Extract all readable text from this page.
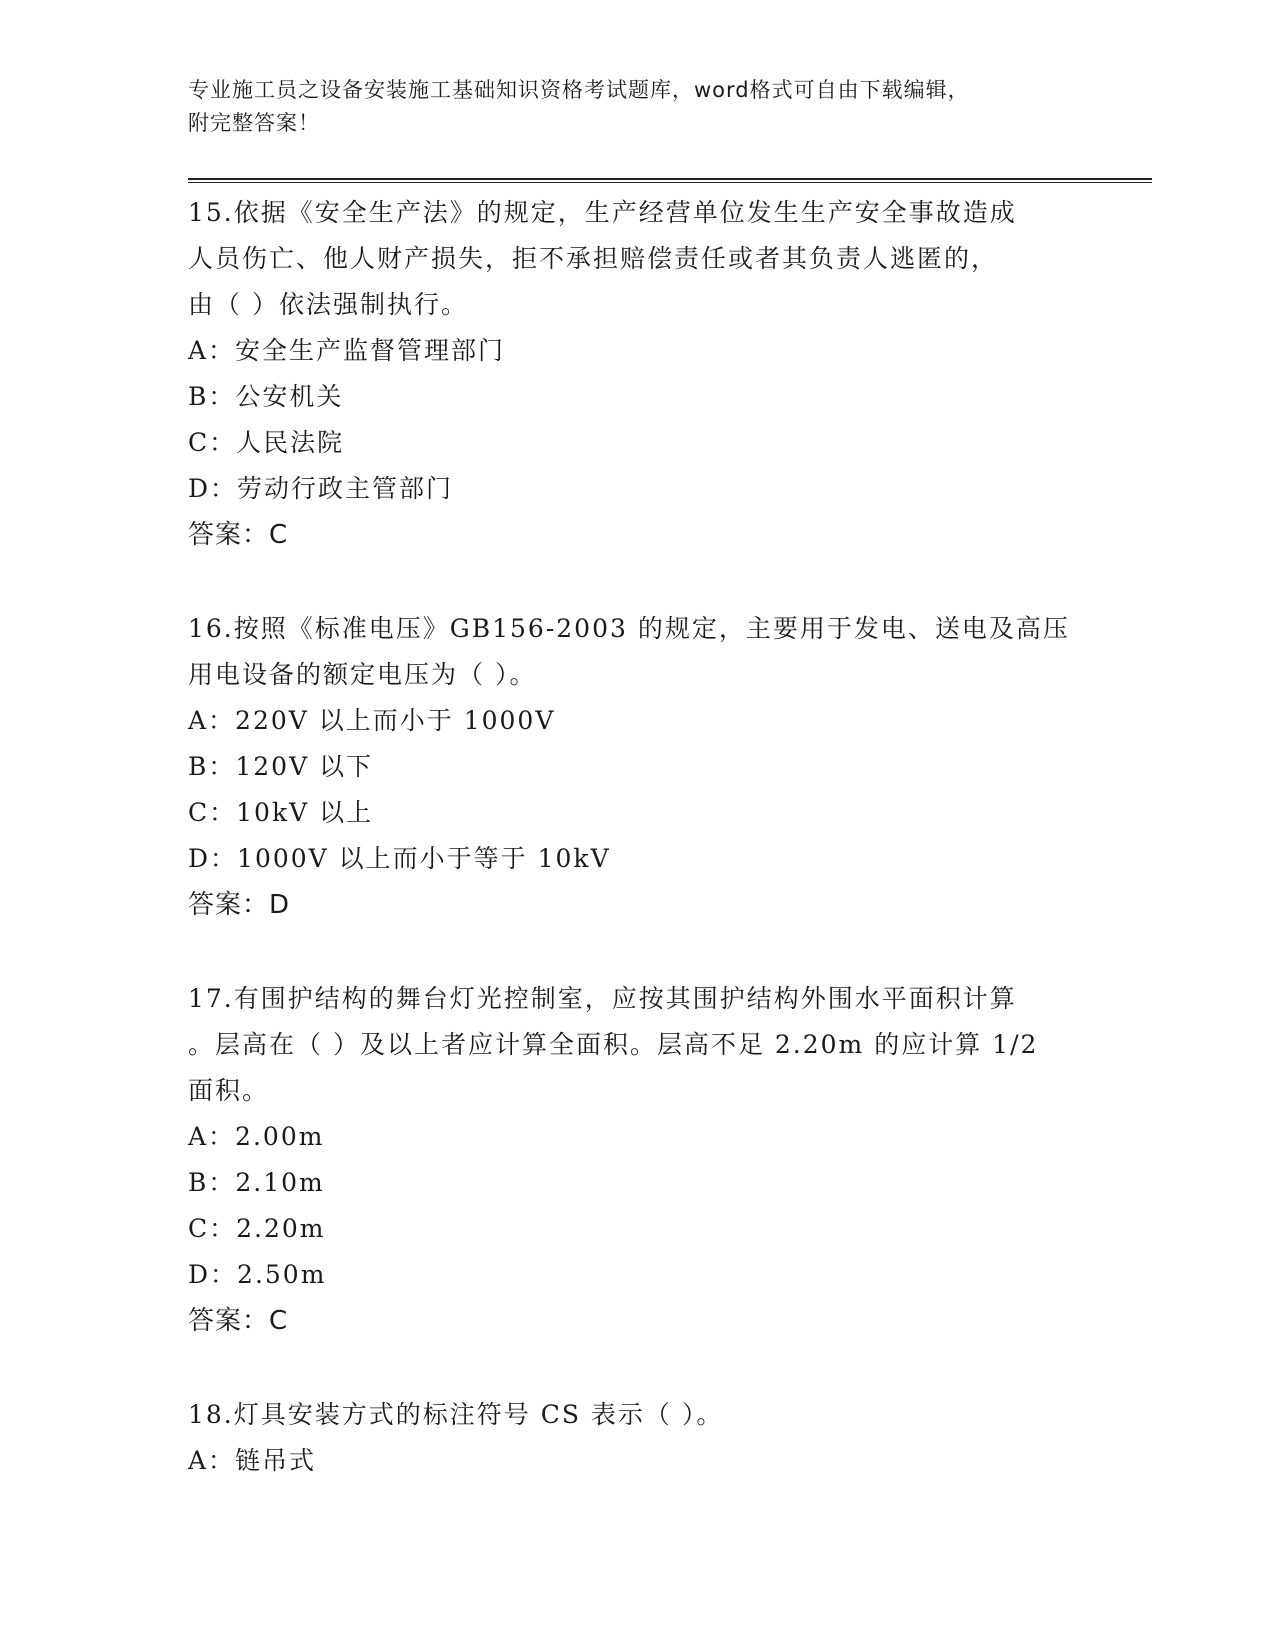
专业施工员之设备安装施工基础知识资格考试题库，word格式可自由下载编辑，
附完整答案！
15.依据《安全生产法》的规定，生产经营单位发生生产安全事故造成
人员伤亡、他人财产损失，拒不承担赔偿责任或者其负责人逃匿的，
由（ ）依法强制执行。
A：安全生产监督管理部门
B：公安机关
C：人民法院
D：劳动行政主管部门
答案：C
16.按照《标准电压》GB156-2003 的规定，主要用于发电、送电及高压
用电设备的额定电压为（ ）。
A：220V 以上而小于 1000V
B：120V 以下
C：10kV 以上
D：1000V 以上而小于等于 10kV
答案：D
17.有围护结构的舞台灯光控制室，应按其围护结构外围水平面积计算
。层高在（ ）及以上者应计算全面积。层高不足 2.20m 的应计算 1/2
面积。
A：2.00m
B：2.10m
C：2.20m
D：2.50m
答案：C
18.灯具安装方式的标注符号 CS 表示（ ）。
A：链吊式
